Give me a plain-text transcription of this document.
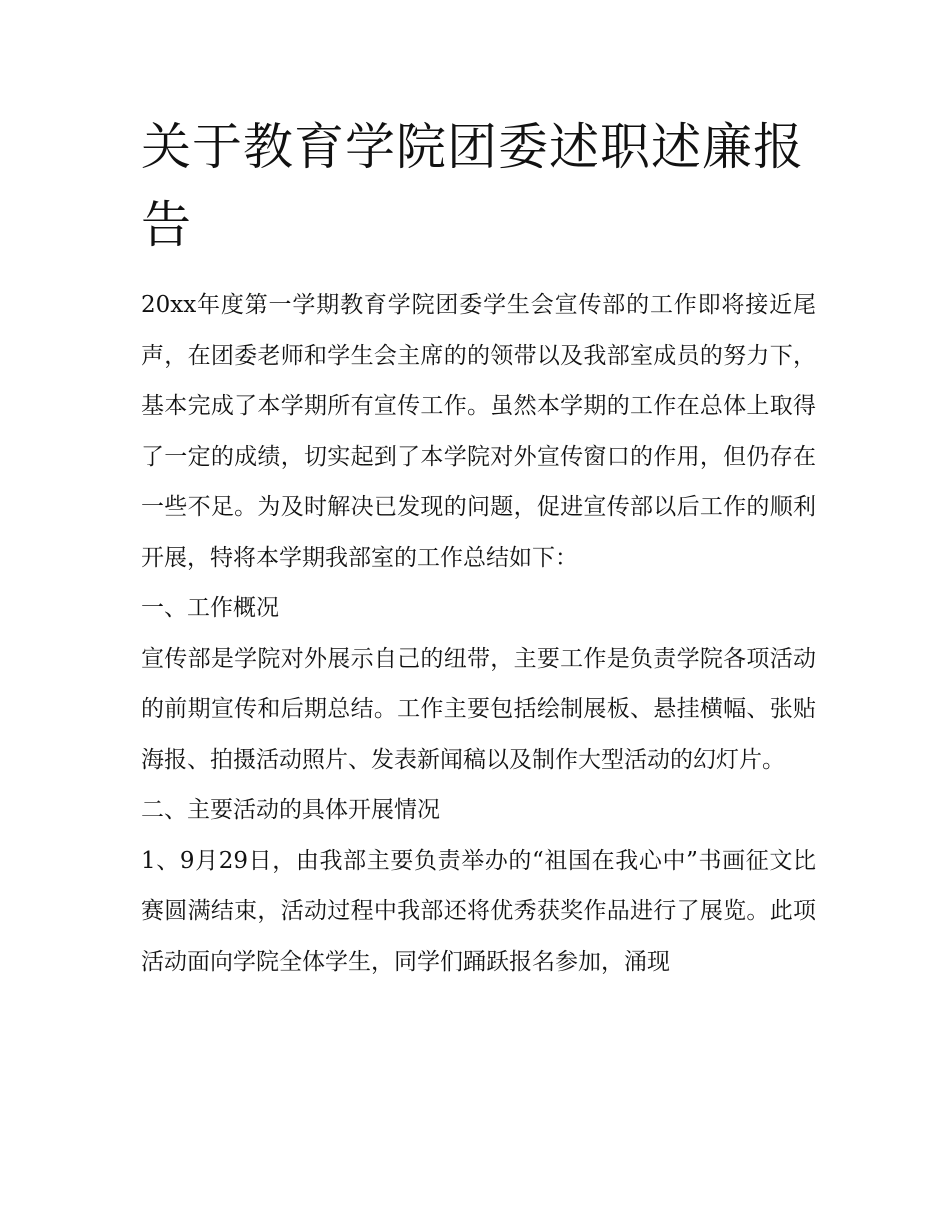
关于教育学院团委述职述廉报告

20xx年度第一学期教育学院团委学生会宣传部的工作即将接近尾声，在团委老师和学生会主席的的领带以及我部室成员的努力下，基本完成了本学期所有宣传工作。虽然本学期的工作在总体上取得了一定的成绩，切实起到了本学院对外宣传窗口的作用，但仍存在一些不足。为及时解决已发现的问题，促进宣传部以后工作的顺利开展，特将本学期我部室的工作总结如下：

一、工作概况

宣传部是学院对外展示自己的纽带，主要工作是负责学院各项活动的前期宣传和后期总结。工作主要包括绘制展板、悬挂横幅、张贴海报、拍摄活动照片、发表新闻稿以及制作大型活动的幻灯片。

二、主要活动的具体开展情况

1、9月29日，由我部主要负责举办的“祖国在我心中”书画征文比赛圆满结束，活动过程中我部还将优秀获奖作品进行了展览。此项活动面向学院全体学生，同学们踊跃报名参加，涌现
